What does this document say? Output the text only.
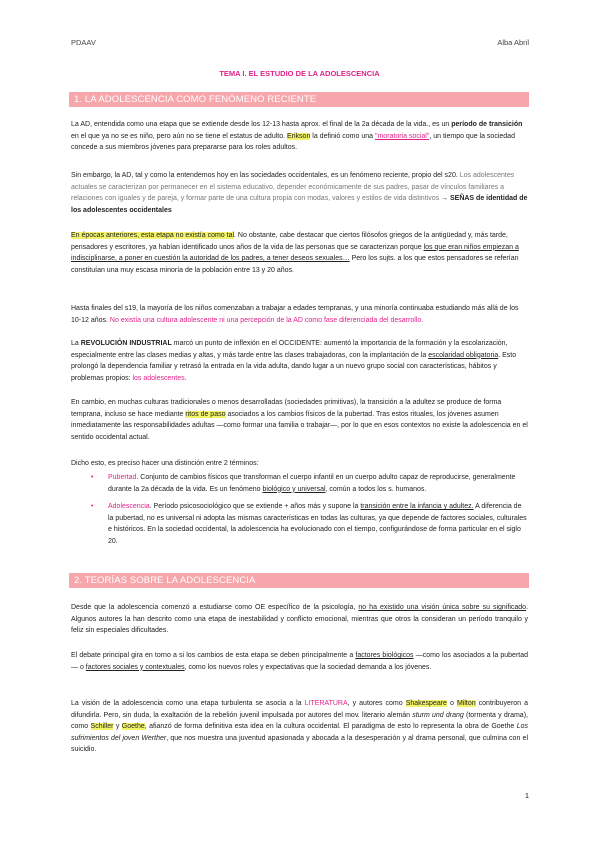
PDAAV	Alba Abril
TEMA I. EL ESTUDIO DE LA ADOLESCENCIA
1. LA ADOLESCENCIA COMO FENÓMENO RECIENTE
La AD, entendida como una etapa que se extiende desde los 12-13 hasta aprox. el final de la 2a década de la vida., es un período de transición en el que ya no se es niño, pero aún no se tiene el estatus de adulto. Erikson la definió como una "moratoria social", un tiempo que la sociedad concede a sus miembros jóvenes para prepararse para los roles adultos.
Sin embargo, la AD, tal y como la entendemos hoy en las sociedades occidentales, es un fenómeno reciente, propio del s20. Los adolescentes actuales se caracterizan por permanecer en el sistema educativo, depender económicamente de sus padres, pasar de vínculos familiares a relaciones con iguales y de pareja, y formar parte de una cultura propia con modas, valores y estilos de vida distintivos → SEÑAS de identidad de los adolescentes occidentales
En épocas anteriores, esta etapa no existía como tal. No obstante, cabe destacar que ciertos filósofos griegos de la antigüedad y, más tarde, pensadores y escritores, ya habían identificado unos años de la vida de las personas que se caracterizan porque los que eran niños empiezan a indisciplinarse, a poner en cuestión la autoridad de los padres, a tener deseos sexuales… Pero los sujts. a los que estos pensadores se referían constituían una muy escasa minoría de la población entre 13 y 20 años.
Hasta finales del s19, la mayoría de los niños comenzaban a trabajar a edades tempranas, y una minoría continuaba estudiando más allá de los 10-12 años. No existía una cultura adolescente ni una percepción de la AD como fase diferenciada del desarrollo.
La REVOLUCIÓN INDUSTRIAL marcó un punto de inflexión en el OCCIDENTE: aumentó la importancia de la formación y la escolarización, especialmente entre las clases medias y altas, y más tarde entre las clases trabajadoras, con la implantación de la escolaridad obligatoria. Esto prolongó la dependencia familiar y retrasó la entrada en la vida adulta, dando lugar a un nuevo grupo social con características, hábitos y problemas propios: los adolescentes.
En cambio, en muchas culturas tradicionales o menos desarrolladas (sociedades primitivas), la transición a la adultez se produce de forma temprana, incluso se hace mediante ritos de paso asociados a los cambios físicos de la pubertad. Tras estos rituales, los jóvenes asumen inmediatamente las responsabilidades adultas —como formar una familia o trabajar—, por lo que en esos contextos no existe la adolescencia en el sentido occidental actual.
Dicho esto, es preciso hacer una distinción entre 2 términos:
• Pubertad. Conjunto de cambios físicos que transforman el cuerpo infantil en un cuerpo adulto capaz de reproducirse, generalmente durante la 2a década de la vida. Es un fenómeno biológico y universal, común a todos los s. humanos.
• Adolescencia. Período psicosociológico que se extiende + años más y supone la transición entre la infancia y adultez. A diferencia de la pubertad, no es universal ni adopta las mismas características en todas las culturas, ya que depende de factores sociales, culturales e históricos. En la sociedad occidental, la adolescencia ha evolucionado con el tiempo, configurándose de forma particular en el siglo 20.
2. TEORÍAS SOBRE LA ADOLESCENCIA
Desde que la adolescencia comenzó a estudiarse como OE específico de la psicología, no ha existido una visión única sobre su significado. Algunos autores la han descrito como una etapa de inestabilidad y conflicto emocional, mientras que otros la consideran un período tranquilo y feliz sin especiales dificultades.
El debate principal gira en torno a si los cambios de esta etapa se deben principalmente a factores biológicos —como los asociados a la pubertad— o factores sociales y contextuales, como los nuevos roles y expectativas que la sociedad demanda a los jóvenes.
La visión de la adolescencia como una etapa turbulenta se asocia a la LITERATURA, y autores como Shakespeare o Milton contribuyeron a difundirla. Pero, sin duda, la exaltación de la rebelión juvenil impulsada por autores del mov. literario alemán sturm und drang (tormenta y drama), como Schiller y Goethe, afianzó de forma definitiva esta idea en la cultura occidental. El paradigma de esto lo representa la obra de Goethe Los sufrimientos del joven Werther, que nos muestra una juventud apasionada y abocada a la desesperación y al drama personal, que culmina con el suicidio.
1
